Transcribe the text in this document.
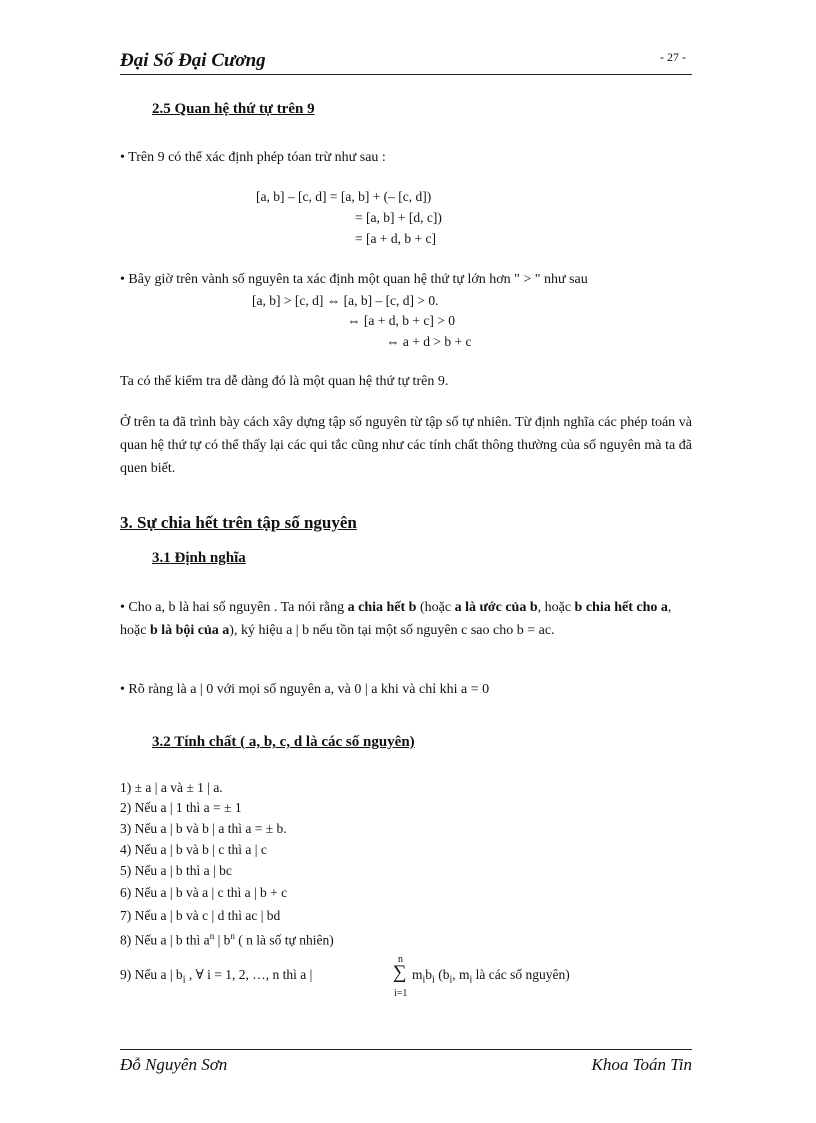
Đại Số Đại Cương	- 27 -
2.5 Quan hệ thứ tự trên 9
• Trên 9 có thể xác định phép tóan trừ như sau :
[a, b] – [c, d] = [a, b] + (– [c, d])
= [a, b] + [d, c])
= [a + d, b + c]
• Bây giờ trên vành số nguyên ta xác định một quan hệ thứ tự lớn hơn " > " như sau
[a, b] > [c, d] ⇔ [a, b] – [c, d] > 0.
⇔ [a + d, b + c] > 0
⇔ a + d > b + c
Ta có thể kiểm tra dễ dàng đó là một quan hệ thứ tự trên 9.
Ở trên ta đã trình bày cách xây dựng tập số nguyên từ tập số tự nhiên. Từ định nghĩa các phép toán và quan hệ thứ tự có thể thấy lại các qui tắc cũng như các tính chất thông thường của số nguyên mà ta đã quen biết.
3. Sự chia hết trên tập số nguyên
3.1 Định nghĩa
• Cho a, b là hai số nguyên . Ta nói rằng a chia hết b (hoặc a là ước của b, hoặc b chia hết cho a, hoặc b là bội của a), ký hiệu a | b nếu tồn tại một số nguyên c sao cho b = ac.
• Rõ ràng là a | 0 với mọi số nguyên a, và 0 | a khi và chỉ khi a = 0
3.2 Tính chất ( a, b, c, d là các số nguyên)
1) ± a | a và ± 1 | a.
2) Nếu a | 1 thì a = ± 1
3) Nếu a | b và b | a thì a = ± b.
4) Nếu a | b và b | c thì a | c
5) Nếu a | b thì a | bc
6) Nếu a | b và a | c thì a | b + c
7) Nếu a | b và c | d thì ac | bd
8) Nếu a | b thì $a^n$ | $b^n$ ( n là số tự nhiên)
9) Nếu a | $b_i$ , ∀ i = 1, 2, …, n thì a |
n
∑
i=1
$m_ib_i$ ($b_i$, $m_i$ là các số nguyên)
Đỗ Nguyên Sơn	Khoa Toán Tin
